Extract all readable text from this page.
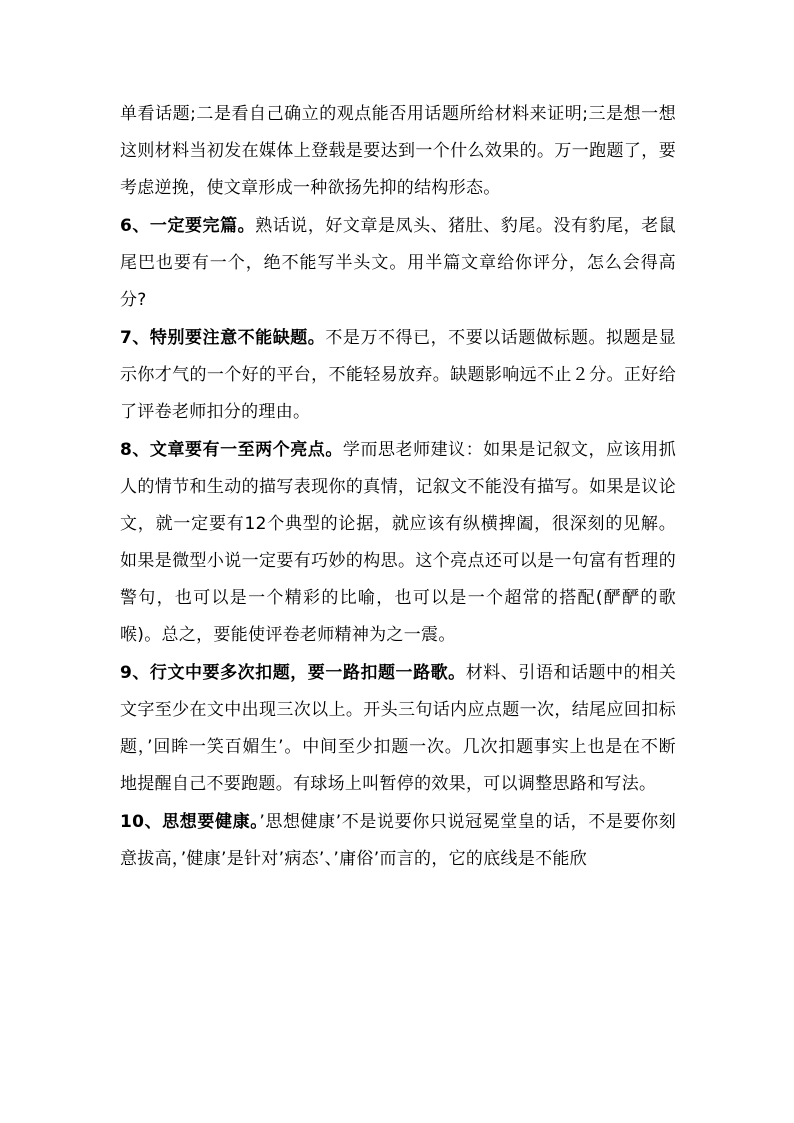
单看话题;二是看自己确立的观点能否用话题所给材料来证明;三是想一想这则材料当初发在媒体上登载是要达到一个什么效果的。万一跑题了，要考虑逆挽，使文章形成一种欲扬先抑的结构形态。

6、一定要完篇。熟话说，好文章是凤头、猪肚、豹尾。没有豹尾，老鼠尾巴也要有一个，绝不能写半头文。用半篇文章给你评分，怎么会得高分?

7、特别要注意不能缺题。不是万不得已，不要以话题做标题。拟题是显示你才气的一个好的平台，不能轻易放弃。缺题影响远不止２分。正好给了评卷老师扣分的理由。

8、文章要有一至两个亮点。学而思老师建议：如果是记叙文，应该用抓人的情节和生动的描写表现你的真情，记叙文不能没有描写。如果是议论文，就一定要有12个典型的论据，就应该有纵横捭阖，很深刻的见解。如果是微型小说一定要有巧妙的构思。这个亮点还可以是一句富有哲理的警句，也可以是一个精彩的比喻，也可以是一个超常的搭配(酽酽的歌喉)。总之，要能使评卷老师精神为之一震。

9、行文中要多次扣题，要一路扣题一路歌。材料、引语和话题中的相关文字至少在文中出现三次以上。开头三句话内应点题一次，结尾应回扣标题，’回眸一笑百媚生’。中间至少扣题一次。几次扣题事实上也是在不断地提醒自己不要跑题。有球场上叫暂停的效果，可以调整思路和写法。

10、思想要健康。’思想健康’不是说要你只说冠冕堂皇的话，不是要你刻意拔高，’健康’是针对’病态’、’庸俗’而言的，它的底线是不能欣
